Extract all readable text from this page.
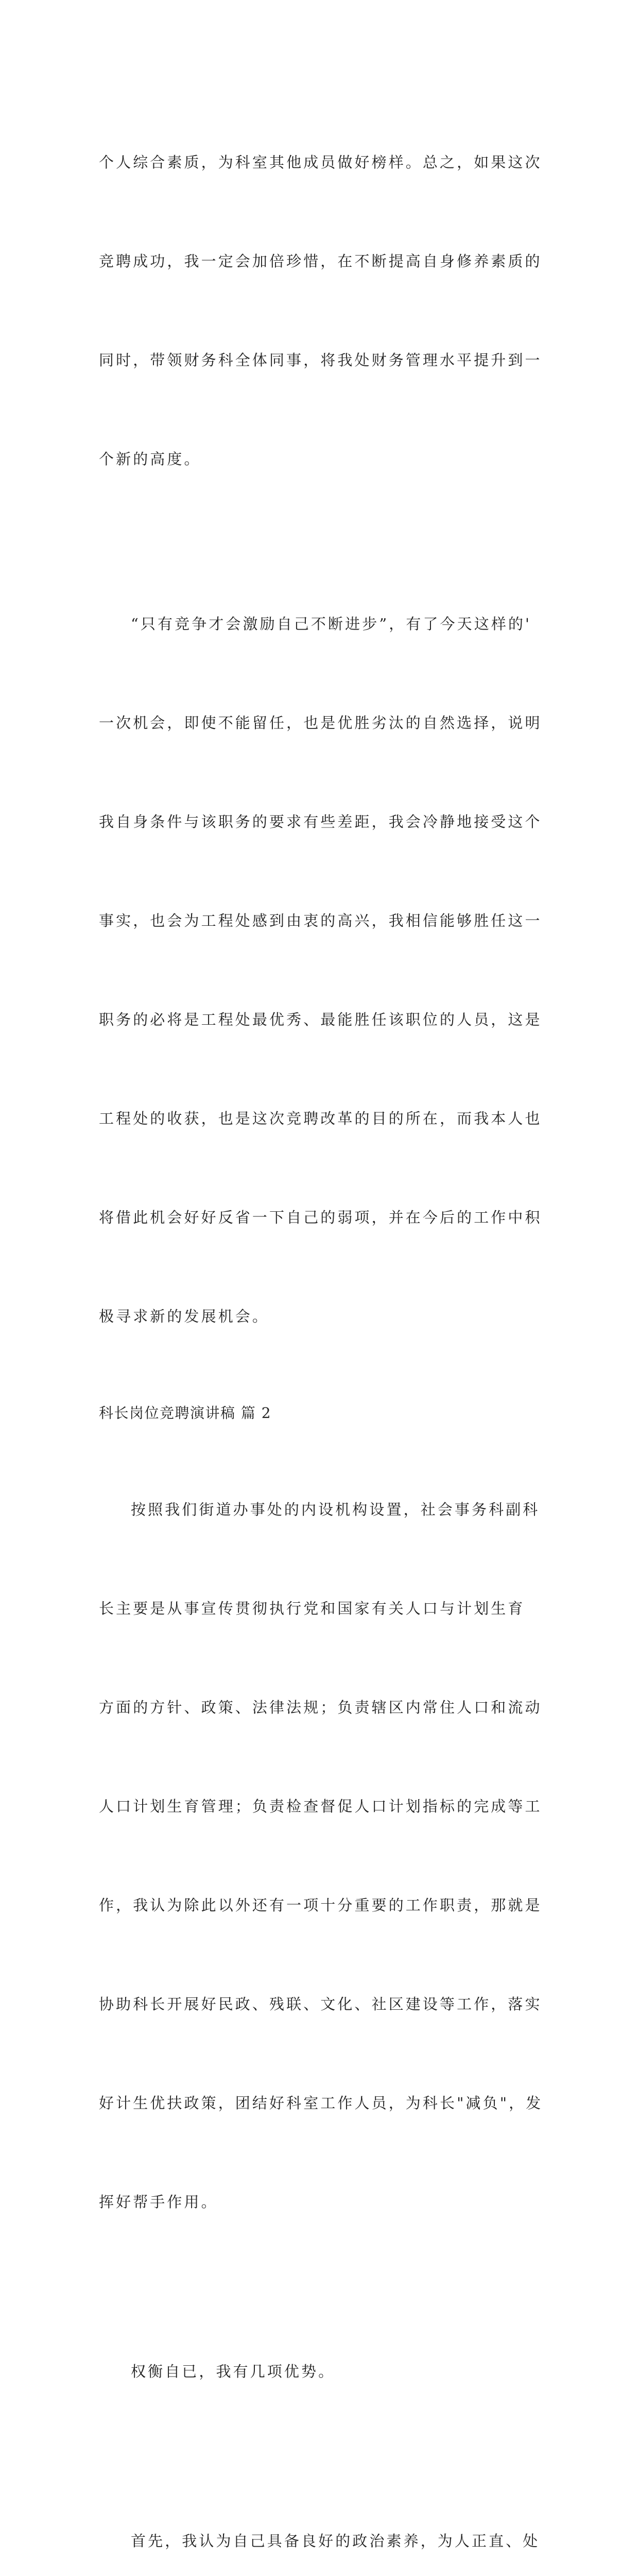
个人综合素质，为科室其他成员做好榜样。总之，如果这次

竞聘成功，我一定会加倍珍惜，在不断提高自身修养素质的

同时，带领财务科全体同事，将我处财务管理水平提升到一

个新的高度。

“只有竞争才会激励自己不断进步”，有了今天这样的'

一次机会，即使不能留任，也是优胜劣汰的自然选择，说明

我自身条件与该职务的要求有些差距，我会冷静地接受这个

事实，也会为工程处感到由衷的高兴，我相信能够胜任这一

职务的必将是工程处最优秀、最能胜任该职位的人员，这是

工程处的收获，也是这次竞聘改革的目的所在，而我本人也

将借此机会好好反省一下自己的弱项，并在今后的工作中积

极寻求新的发展机会。

科长岗位竞聘演讲稿 篇 2

按照我们街道办事处的内设机构设置，社会事务科副科

长主要是从事宣传贯彻执行党和国家有关人口与计划生育

方面的方针、政策、法律法规；负责辖区内常住人口和流动

人口计划生育管理；负责检查督促人口计划指标的完成等工

作，我认为除此以外还有一项十分重要的工作职责，那就是

协助科长开展好民政、残联、文化、社区建设等工作，落实

好计生优扶政策，团结好科室工作人员，为科长"减负"，发

挥好帮手作用。

权衡自已，我有几项优势。

首先，我认为自己具备良好的政治素养，为人正直、处
